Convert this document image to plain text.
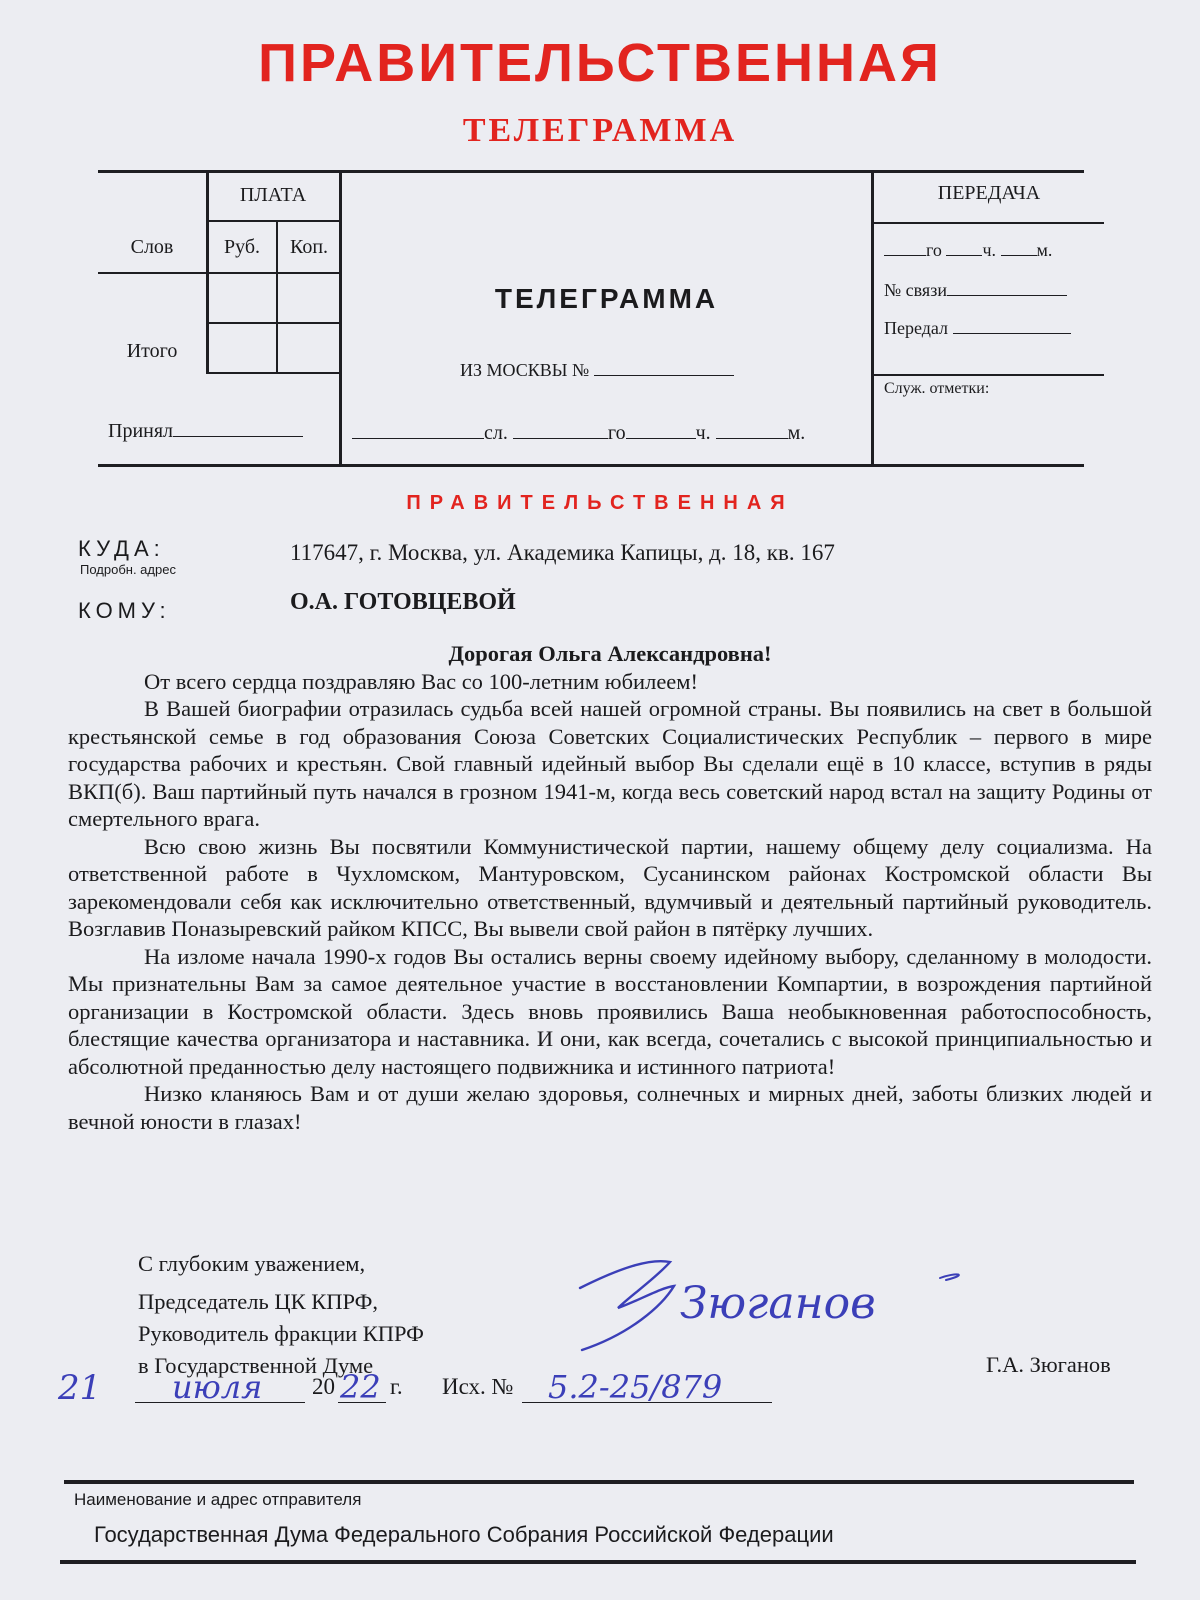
ПРАВИТЕЛЬСТВЕННАЯ
ТЕЛЕГРАММА
ПЛАТА
Слов	Руб.	Коп.
Итого
Принял
ТЕЛЕГРАММА
ИЗ МОСКВЫ №
сл.	го	ч.	м.
ПЕРЕДАЧА
го ч. м.
№ связи
Передал
Служ. отметки:
ПРАВИТЕЛЬСТВЕННАЯ
КУДА:
Подробн. адрес
117647, г. Москва, ул. Академика Капицы, д. 18, кв. 167
КОМУ:	О.А. ГОТОВЦЕВОЙ

Дорогая Ольга Александровна!

От всего сердца поздравляю Вас со 100-летним юбилеем!

В Вашей биографии отразилась судьба всей нашей огромной страны. Вы появились на свет в большой крестьянской семье в год образования Союза Советских Социалистических Республик – первого в мире государства рабочих и крестьян. Свой главный идейный выбор Вы сделали ещё в 10 классе, вступив в ряды ВКП(б). Ваш партийный путь начался в грозном 1941-м, когда весь советский народ встал на защиту Родины от смертельного врага.

Всю свою жизнь Вы посвятили Коммунистической партии, нашему общему делу социализма. На ответственной работе в Чухломском, Мантуровском, Сусанинском районах Костромской области Вы зарекомендовали себя как исключительно ответственный, вдумчивый и деятельный партийный руководитель. Возглавив Поназыревский райком КПСС, Вы вывели свой район в пятёрку лучших.

На изломе начала 1990-х годов Вы остались верны своему идейному выбору, сделанному в молодости. Мы признательны Вам за самое деятельное участие в восстановлении Компартии, в возрождения партийной организации в Костромской области. Здесь вновь проявились Ваша необыкновенная работоспособность, блестящие качества организатора и наставника. И они, как всегда, сочетались с высокой принципиальностью и абсолютной преданностью делу настоящего подвижника и истинного патриота!

Низко кланяюсь Вам и от души желаю здоровья, солнечных и мирных дней, заботы близких людей и вечной юности в глазах!

С глубоким уважением,
Председатель ЦК КПРФ,
Руководитель фракции КПРФ
в Государственной Думе
Зюганов
Г.А. Зюганов
21 июля 20 22 г. Исх. № 5.2-25/879
Наименование и адрес отправителя
Государственная Дума Федерального Собрания Российской Федерации
